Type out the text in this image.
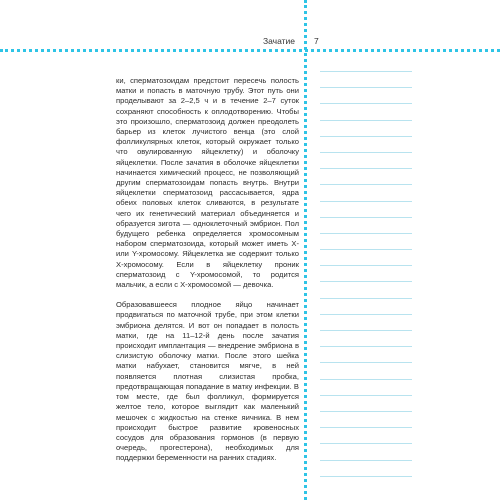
Зачатие 7

ки, сперматозоидам предстоит пересечь полость матки и попасть в маточную трубу. Этот путь они проделывают за 2–2,5 ч и в течение 2–7 суток сохраняют способность к оплодотворению. Чтобы это произошло, сперматозоид должен преодолеть барьер из клеток лучистого венца (это слой фолликулярных клеток, который окружает только что овулированную яйцеклетку) и оболочку яйцеклетки. После зачатия в оболочке яйцеклетки начинается химический процесс, не позволяющий другим сперматозоидам попасть внутрь. Внутри яйцеклетки сперматозоид рассасывается, ядра обеих половых клеток сливаются, в результате чего их генетический материал объединяется и образуется зигота — одноклеточный эмбрион. Пол будущего ребенка определяется хромосомным набором сперматозоида, который может иметь X- или Y-хромосому. Яйцеклетка же содержит только X-хромосому. Если в яйцеклетку проник сперматозоид с Y-хромосомой, то родится мальчик, а если с X-хромосомой — девочка.

Образовавшееся плодное яйцо начинает продвигаться по маточной трубе, при этом клетки эмбриона делятся. И вот он попадает в полость матки, где на 11–12-й день после зачатия происходит имплантация — внедрение эмбриона в слизистую оболочку матки. После этого шейка матки набухает, становится мягче, в ней появляется плотная слизистая пробка, предотвращающая попадание в матку инфекции. В том месте, где был фолликул, формируется желтое тело, которое выглядит как маленький мешочек с жидкостью на стенке яичника. В нем происходит быстрое развитие кровеносных сосудов для образования гормонов (в первую очередь, прогестерона), необходимых для поддержки беременности на ранних стадиях.
